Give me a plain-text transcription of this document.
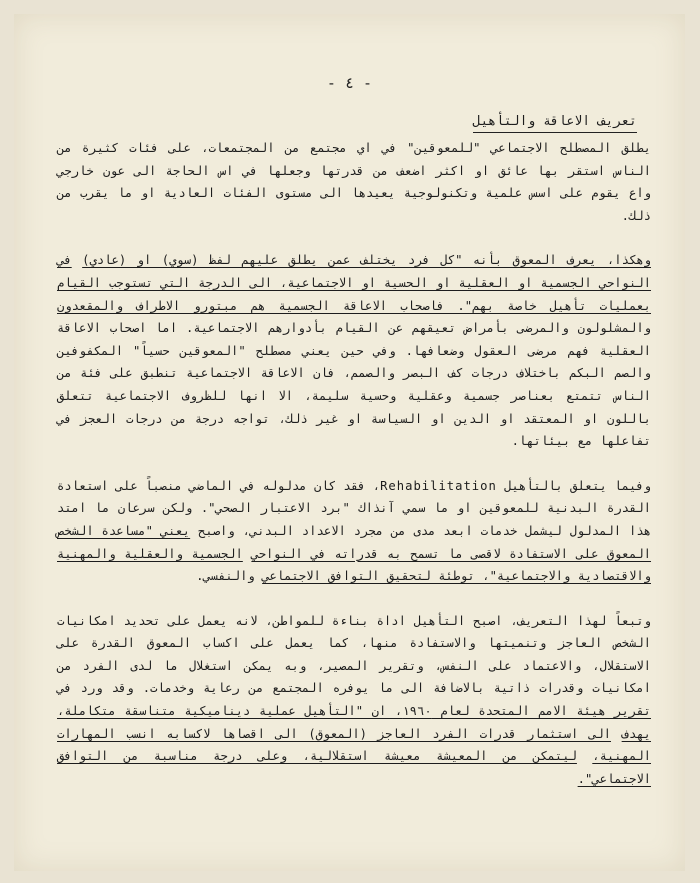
- ٤ -
تعريف الاعاقة والتأهيل

يطلق المصطلح الاجتماعي "للمعوقين" في اي مجتمع من المجتمعات، على فئات كثيرة من الناس استقر بها عائق او اكثر اضعف من قدرتها وجعلها في اس الحاجة الى عون خارجي واع يقوم على اسس علمية وتكنولوجية يعيدها الى مستوى الفئات العادية او ما يقرب من ذلك.

وهكذا، يعرف المعوق بأنه "كل فرد يختلف عمن يطلق عليهم لفظ (سوي) او (عادي) في النواحي الجسمية او العقلية او الحسية او الاجتماعية، الى الدرجة التي تستوجب القيام بعمليات تأهيل خاصة بهم". فاصحاب الاعاقة الجسمية هم مبتورو الاطراف والمقعدون والمشلولون والمرضى بأمراض تعيقهم عن القيام بأدوارهم الاجتماعية. اما اصحاب الاعاقة العقلية فهم مرضى العقول وضعافها. وفي حين يعني مصطلح "المعوقين حسياً" المكفوفين والصم البكم باختلاف درجات كف البصر والصمم، فان الاعاقة الاجتماعية تنطبق على فئة من الناس تتمتع بعناصر جسمية وعقلية وحسية سليمة، الا انها للظروف الاجتماعية تتعلق باللون او المعتقد او الدين او السياسة او غير ذلك، تواجه درجة من درجات العجز في تفاعلها مع بيئاتها.

وفيما يتعلق بالتأهيل Rehabilitation، فقد كان مدلوله في الماضي منصباً على استعادة القدرة البدنية للمعوقين او ما سمي آنذاك "برد الاعتبار الصحي". ولكن سرعان ما امتد هذا المدلول ليشمل خدمات ابعد مدى من مجرد الاعداد البدني، واصبح يعني "مساعدة الشخص المعوق على الاستفادة لاقصى ما تسمح به قدراته في النواحي الجسمية والعقلية والمهنية والاقتصادية والاجتماعية"، توطئة لتحقيق التوافق الاجتماعي والنفسي.

وتبعاً لهذا التعريف، اصبح التأهيل اداة بناءة للمواطن، لانه يعمل على تحديد امكانيات الشخص العاجز وتنميتها والاستفادة منها، كما يعمل على اكساب المعوق القدرة على الاستقلال، والاعتماد على النفس، وتقرير المصير، وبه يمكن استغلال ما لدى الفرد من امكانيات وقدرات ذاتية بالاضافة الى ما يوفره المجتمع من رعاية وخدمات. وقد ورد في تقرير هيئة الامم المتحدة لعام ١٩٦٠، ان "التأهيل عملية ديناميكية متناسقة متكاملة، يهدف الى استثمار قدرات الفرد العاجز (المعوق) الى اقصاها لاكسابه انسب المهارات المهنية، ليتمكن من المعيشة معيشة استقلالية، وعلى درجة مناسبة من التوافق الاجتماعي".
